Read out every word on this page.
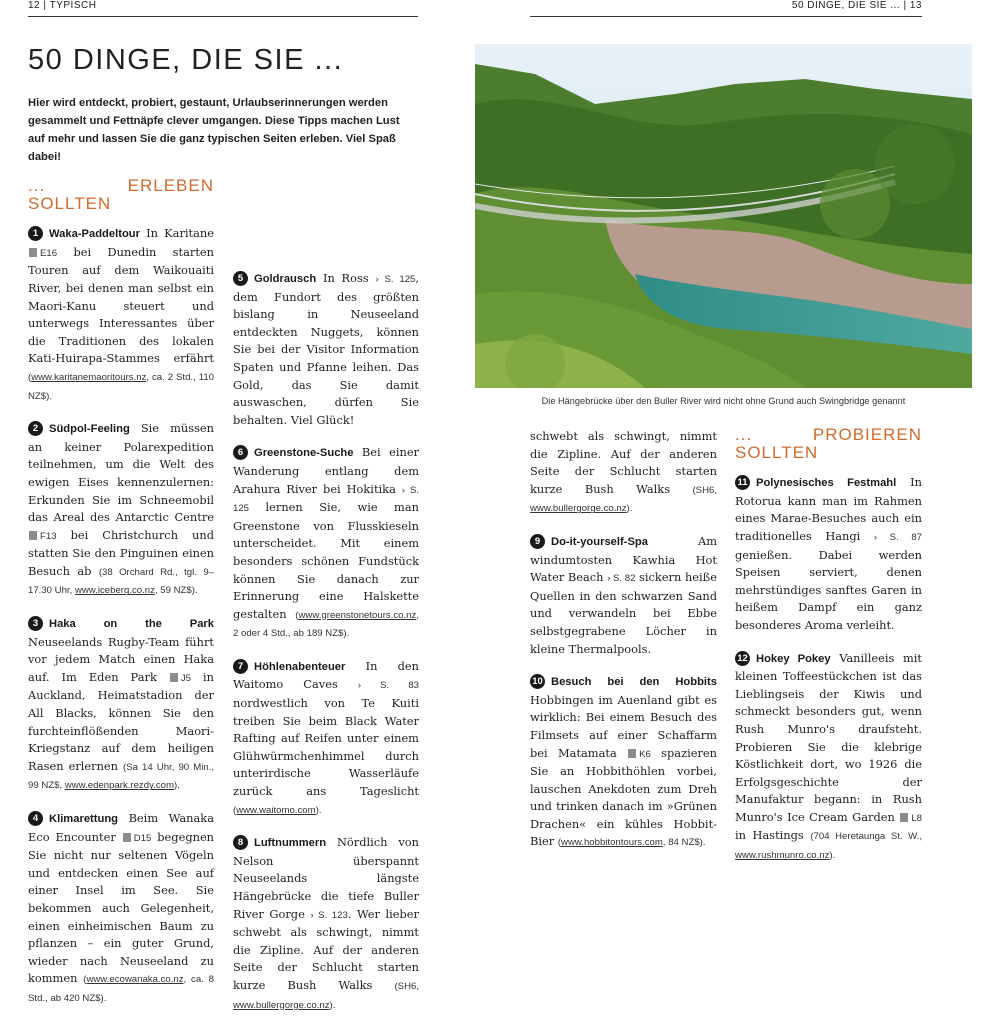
12 | TYPISCH	50 DINGE, DIE SIE ... | 13
50 DINGE, DIE SIE ...
Hier wird entdeckt, probiert, gestaunt, Urlaubserinnerungen werden gesammelt und Fettnäpfe clever umgangen. Diese Tipps machen Lust auf mehr und lassen Sie die ganz typischen Seiten erleben. Viel Spaß dabei!
... ERLEBEN SOLLTEN

1 Waka-Paddeltour In Karitane E16 bei Dunedin starten Touren auf dem Waikouaiti River, bei denen man selbst ein Maori-Kanu steuert und unterwegs Interessantes über die Traditionen des lokalen Kati-Huirapa-Stammes erfährt (www.karitanemaoritours.nz, ca. 2 Std., 110 NZ$).

2 Südpol-Feeling Sie müssen an keiner Polarexpedition teilnehmen, um die Welt des ewigen Eises kennenzulernen: Erkunden Sie im Schneemobil das Areal des Antarctic Centre F13 bei Christchurch und statten Sie den Pinguinen einen Besuch ab (38 Orchard Rd., tgl. 9–17.30 Uhr, www.iceberg.co.nz, 59 NZ$).

3 Haka on the Park Neuseelands Rugby-Team führt vor jedem Match einen Haka auf. Im Eden Park	J5 in Auckland, Heimatstadion der All Blacks, können Sie den furchteinflößenden Maori-Kriegstanz auf dem heiligen Rasen erlernen (Sa 14 Uhr, 90 Min., 99 NZ$, www.edenpark.rezdy.com).

4 Klimarettung Beim Wanaka Eco Encounter D15 begegnen Sie nicht nur seltenen Vögeln und entdecken einen See auf einer Insel im See. Sie bekommen auch Gelegenheit, einen einheimischen Baum zu pflanzen – ein guter Grund, wieder nach Neuseeland zu kommen (www.ecowanaka.co.nz, ca. 8 Std., ab 420 NZ$).

5 Goldrausch In Ross › S. 125, dem Fundort des größten bislang in Neuseeland entdeckten Nuggets, können Sie bei der Visitor Information Spaten und Pfanne leihen. Das Gold, das Sie damit auswaschen, dürfen Sie behalten. Viel Glück!

6 Greenstone-Suche Bei einer Wanderung entlang dem Arahura River bei Hokitika › S. 125 lernen Sie, wie man Greenstone von Flusskieseln unterscheidet. Mit einem besonders schönen Fundstück können Sie danach zur Erinnerung eine Halskette gestalten (www.greenstonetours.co.nz, 2 oder 4 Std., ab 189 NZ$).

7 Höhlenabenteuer In den Waitomo Caves › S. 83 nordwestlich von Te Kuiti treiben Sie beim Black Water Rafting auf Reifen unter einem Glühwürmchenhimmel durch unterirdische Wasserläufe zurück ans Tageslicht (www.waitomo.com).

8 Luftnummern Nördlich von Nelson überspannt Neuseelands längste Hängebrücke die tiefe Buller River Gorge › S. 123. Wer lieber schwebt als schwingt, nimmt die Zipline. Auf der anderen Seite der Schlucht starten kurze Bush Walks (SH6, www.bullergorge.co.nz).

Die Hängebrücke über den Buller River wird nicht ohne Grund auch Swingbridge genannt

schwebt als schwingt, nimmt die Zipline. Auf der anderen Seite der Schlucht starten kurze Bush Walks (SH6, www.bullergorge.co.nz).

9 Do-it-yourself-Spa	Am windumtosten Kawhia Hot Water Beach › S. 82 sickern heiße Quellen in den schwarzen Sand und verwandeln bei Ebbe selbstgegrabene Löcher in kleine Thermalpools.

10 Besuch bei den Hobbits Hobbingen im Auenland gibt es wirklich: Bei einem Besuch des Filmsets auf einer Schaffarm bei Matamata K6 spazieren Sie an Hobbithöhlen vorbei, lauschen Anekdoten zum Dreh und trinken danach im »Grünen Drachen« ein kühles Hobbit-Bier (www.hobbitontours.com, 84 NZ$).

... PROBIEREN SOLLTEN

11 Polynesisches Festmahl In Rotorua kann man im Rahmen eines Marae-Besuches auch ein traditionelles Hangi › S. 87 genießen. Dabei werden Speisen serviert, denen mehrstündiges sanftes Garen in heißem Dampf ein ganz besonderes Aroma verleiht.

12 Hokey Pokey Vanilleeis mit kleinen Toffeestückchen ist das Lieblingseis der Kiwis und schmeckt besonders gut, wenn Rush Munro's draufsteht. Probieren Sie die klebrige Köstlichkeit dort, wo 1926 die Erfolgsgeschichte der Manufaktur begann: in Rush Munro's Ice Cream Garden L8 in Hastings (704 Heretaunga St. W., www.rushmunro.co.nz).
